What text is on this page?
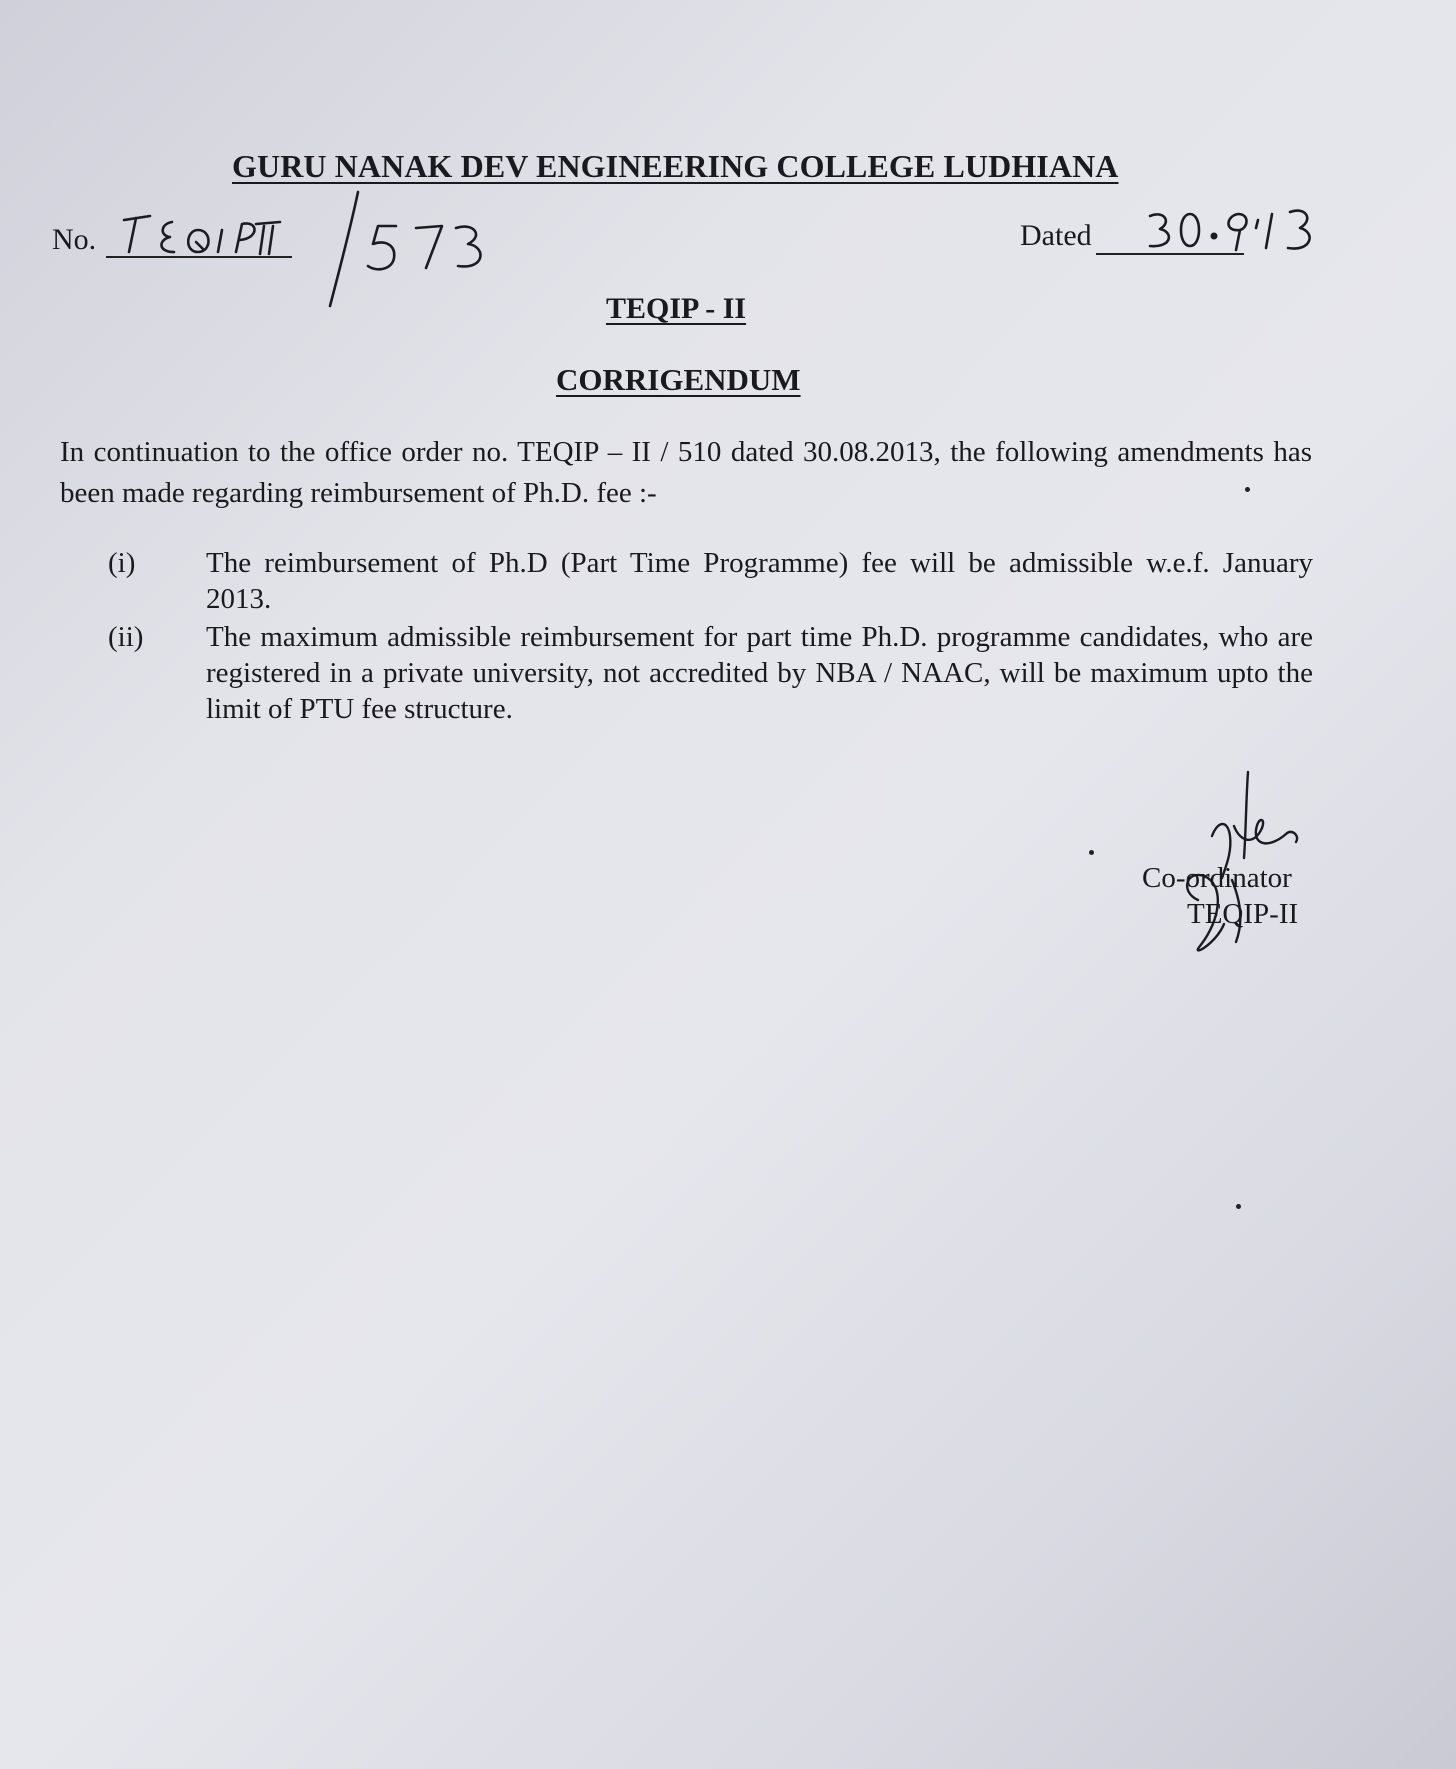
GURU NANAK DEV ENGINEERING COLLEGE LUDHIANA
No.	Dated
TEQIP - II
CORRIGENDUM
In continuation to the office order no. TEQIP – II / 510 dated 30.08.2013, the following amendments has been made regarding reimbursement of Ph.D. fee :-
(i) The reimbursement of Ph.D (Part Time Programme) fee will be admissible w.e.f. January 2013.
(ii) The maximum admissible reimbursement for part time Ph.D. programme candidates, who are registered in a private university, not accredited by NBA / NAAC, will be maximum upto the limit of PTU fee structure.
Co-ordinator
TEQIP-II
